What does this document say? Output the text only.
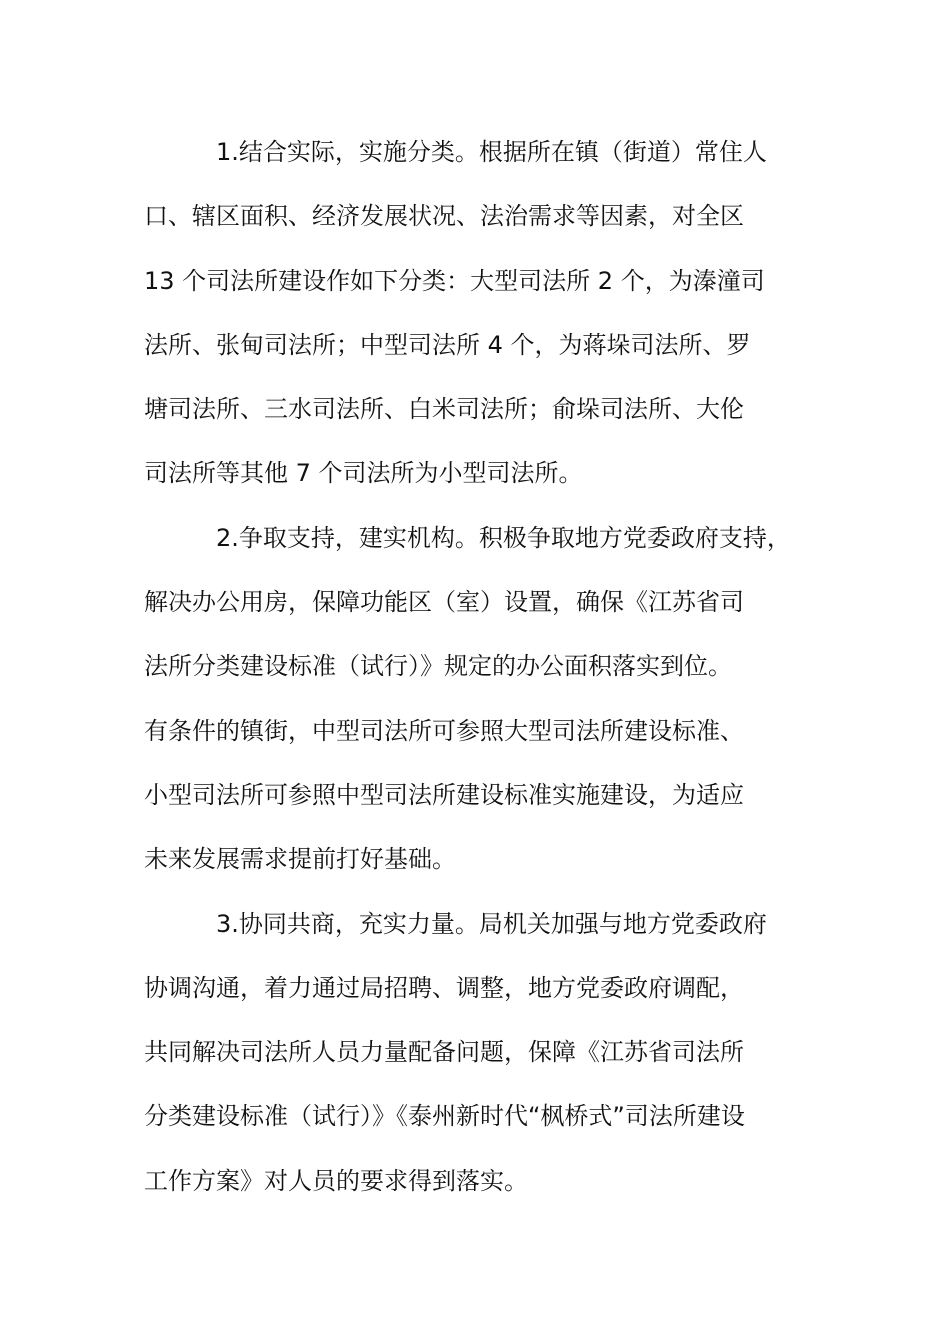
1.结合实际，实施分类。根据所在镇（街道）常住人
口、辖区面积、经济发展状况、法治需求等因素，对全区
13 个司法所建设作如下分类：大型司法所 2 个，为溱潼司
法所、张甸司法所；中型司法所 4 个，为蒋垛司法所、罗
塘司法所、三水司法所、白米司法所；俞垛司法所、大伦
司法所等其他 7 个司法所为小型司法所。
2.争取支持，建实机构。积极争取地方党委政府支持，
解决办公用房，保障功能区（室）设置，确保《江苏省司
法所分类建设标准（试行）》规定的办公面积落实到位。
有条件的镇街，中型司法所可参照大型司法所建设标准、
小型司法所可参照中型司法所建设标准实施建设，为适应
未来发展需求提前打好基础。
3.协同共商，充实力量。局机关加强与地方党委政府
协调沟通，着力通过局招聘、调整，地方党委政府调配，
共同解决司法所人员力量配备问题，保障《江苏省司法所
分类建设标准（试行）》《泰州新时代“枫桥式”司法所建设
工作方案》对人员的要求得到落实。
